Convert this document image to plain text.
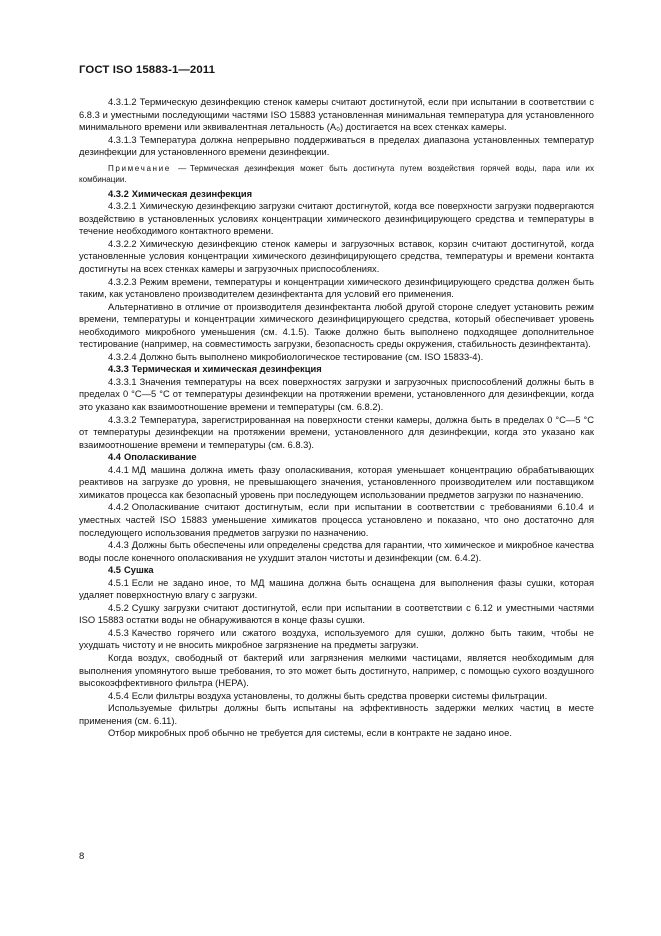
ГОСТ ISO 15883-1—2011

4.3.1.2 Термическую дезинфекцию стенок камеры считают достигнутой, если при испытании в соответствии с 6.8.3 и уместными последующими частями ISO 15883 установленная минимальная температура для установленного минимального времени или эквивалентная летальность (A₀) достигается на всех стенках камеры.

4.3.1.3 Температура должна непрерывно поддерживаться в пределах диапазона установленных температур дезинфекции для установленного времени дезинфекции.

Примечание — Термическая дезинфекция может быть достигнута путем воздействия горячей воды, пара или их комбинации.

4.3.2 Химическая дезинфекция

4.3.2.1 Химическую дезинфекцию загрузки считают достигнутой, когда все поверхности загрузки подвергаются воздействию в установленных условиях концентрации химического дезинфицирующего средства и температуры в течение необходимого контактного времени.

4.3.2.2 Химическую дезинфекцию стенок камеры и загрузочных вставок, корзин считают достигнутой, когда установленные условия концентрации химического дезинфицирующего средства, температуры и времени контакта достигнуты на всех стенках камеры и загрузочных приспособлениях.

4.3.2.3 Режим времени, температуры и концентрации химического дезинфицирующего средства должен быть таким, как установлено производителем дезинфектанта для условий его применения.

Альтернативно в отличие от производителя дезинфектанта любой другой стороне следует установить режим времени, температуры и концентрации химического дезинфицирующего средства, который обеспечивает уровень необходимого микробного уменьшения (см. 4.1.5). Также должно быть выполнено подходящее дополнительное тестирование (например, на совместимость загрузки, безопасность среды окружения, стабильность дезинфектанта).

4.3.2.4 Должно быть выполнено микробиологическое тестирование (см. ISO 15833-4).

4.3.3 Термическая и химическая дезинфекция

4.3.3.1 Значения температуры на всех поверхностях загрузки и загрузочных приспособлений должны быть в пределах 0 °С—5 °С от температуры дезинфекции на протяжении времени, установленного для дезинфекции, когда это указано как взаимоотношение времени и температуры (см. 6.8.2).

4.3.3.2 Температура, зарегистрированная на поверхности стенки камеры, должна быть в пределах 0 °С—5 °С от температуры дезинфекции на протяжении времени, установленного для дезинфекции, когда это указано как взаимоотношение времени и температуры (см. 6.8.3).

4.4 Ополаскивание

4.4.1 МД машина должна иметь фазу ополаскивания, которая уменьшает концентрацию обрабатывающих реактивов на загрузке до уровня, не превышающего значения, установленного производителем или поставщиком химикатов процесса как безопасный уровень при последующем использовании предметов загрузки по назначению.

4.4.2 Ополаскивание считают достигнутым, если при испытании в соответствии с требованиями 6.10.4 и уместных частей ISO 15883 уменьшение химикатов процесса установлено и показано, что оно достаточно для последующего использования предметов загрузки по назначению.

4.4.3 Должны быть обеспечены или определены средства для гарантии, что химическое и микробное качества воды после конечного ополаскивания не ухудшит эталон чистоты и дезинфекции (см. 6.4.2).

4.5 Сушка

4.5.1 Если не задано иное, то МД машина должна быть оснащена для выполнения фазы сушки, которая удаляет поверхностную влагу с загрузки.

4.5.2 Сушку загрузки считают достигнутой, если при испытании в соответствии с 6.12 и уместными частями ISO 15883 остатки воды не обнаруживаются в конце фазы сушки.

4.5.3 Качество горячего или сжатого воздуха, используемого для сушки, должно быть таким, чтобы не ухудшать чистоту и не вносить микробное загрязнение на предметы загрузки.

Когда воздух, свободный от бактерий или загрязнения мелкими частицами, является необходимым для выполнения упомянутого выше требования, то это может быть достигнуто, например, с помощью сухого воздушного высокоэффективного фильтра (НЕРА).

4.5.4 Если фильтры воздуха установлены, то должны быть средства проверки системы фильтрации.

Используемые фильтры должны быть испытаны на эффективность задержки мелких частиц в месте применения (см. 6.11).

Отбор микробных проб обычно не требуется для системы, если в контракте не задано иное.

8
